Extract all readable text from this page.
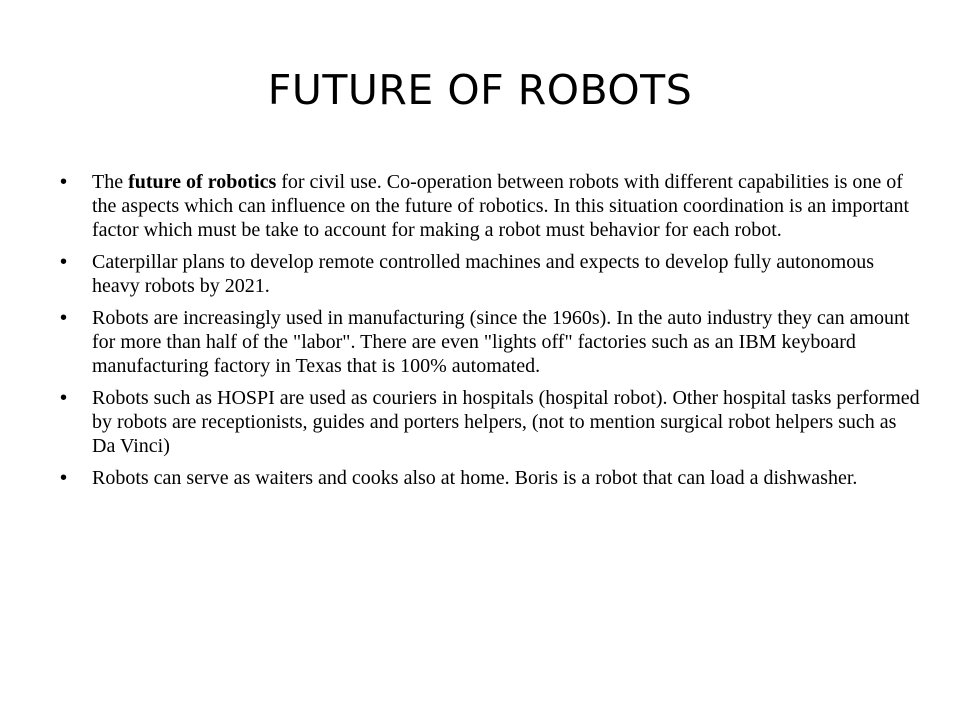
FUTURE OF ROBOTS
• The future of robotics for civil use. Co-operation between robots with different capabilities is one of the aspects which can influence on the future of robotics. In this situation coordination is an important factor which must be take to account for making a robot must behavior for each robot.
• Caterpillar plans to develop remote controlled machines and expects to develop fully autonomous heavy robots by 2021.
• Robots are increasingly used in manufacturing (since the 1960s). In the auto industry they can amount for more than half of the "labor". There are even "lights off" factories such as an IBM keyboard manufacturing factory in Texas that is 100% automated.
• Robots such as HOSPI are used as couriers in hospitals (hospital robot). Other hospital tasks performed by robots are receptionists, guides and porters helpers, (not to mention surgical robot helpers such as Da Vinci)
• Robots can serve as waiters and cooks also at home. Boris is a robot that can load a dishwasher.
